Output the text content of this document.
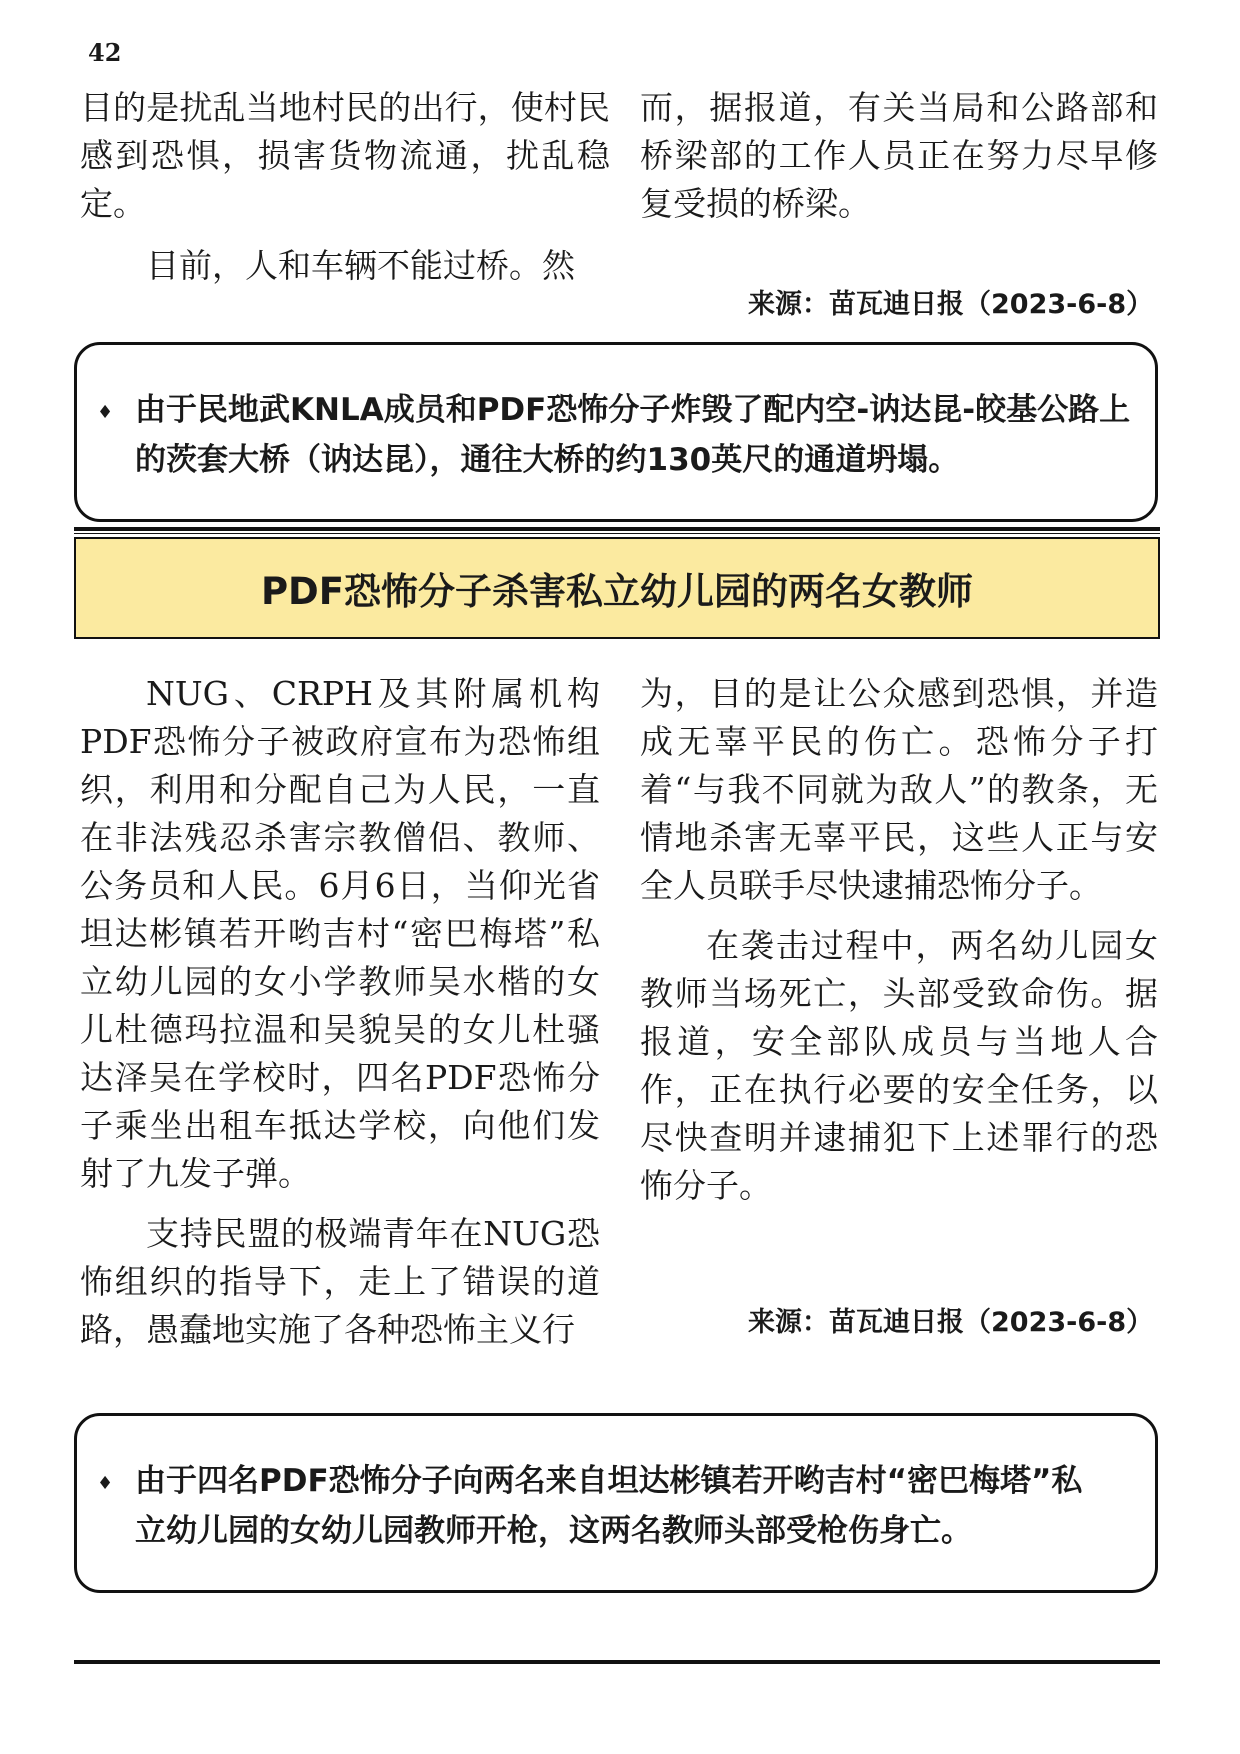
42

目的是扰乱当地村民的出行，使村民感到恐惧，损害货物流通，扰乱稳定。

目前，人和车辆不能过桥。然

而，据报道，有关当局和公路部和桥梁部的工作人员正在努力尽早修复受损的桥梁。

来源：苗瓦迪日报（2023-6-8）
♦ 由于民地武KNLA成员和PDF恐怖分子炸毁了配内空-讷达昆-皎基公路上
的茨套大桥（讷达昆），通往大桥的约130英尺的通道坍塌。
PDF恐怖分子杀害私立幼儿园的两名女教师

NUG、CRPH及其附属机构PDF恐怖分子被政府宣布为恐怖组织，利用和分配自己为人民，一直在非法残忍杀害宗教僧侣、教师、公务员和人民。6月6日，当仰光省坦达彬镇若开哟吉村“密巴梅塔”私立幼儿园的女小学教师吴水楷的女儿杜德玛拉温和吴貌吴的女儿杜骚达泽吴在学校时，四名PDF恐怖分子乘坐出租车抵达学校，向他们发射了九发子弹。

支持民盟的极端青年在NUG恐怖组织的指导下，走上了错误的道路，愚蠢地实施了各种恐怖主义行

为，目的是让公众感到恐惧，并造成无辜平民的伤亡。恐怖分子打着“与我不同就为敌人”的教条，无情地杀害无辜平民，这些人正与安全人员联手尽快逮捕恐怖分子。

在袭击过程中，两名幼儿园女教师当场死亡，头部受致命伤。据报道，安全部队成员与当地人合作，正在执行必要的安全任务，以尽快查明并逮捕犯下上述罪行的恐怖分子。

来源：苗瓦迪日报（2023-6-8）
♦ 由于四名PDF恐怖分子向两名来自坦达彬镇若开哟吉村“密巴梅塔”私
立幼儿园的女幼儿园教师开枪，这两名教师头部受枪伤身亡。
